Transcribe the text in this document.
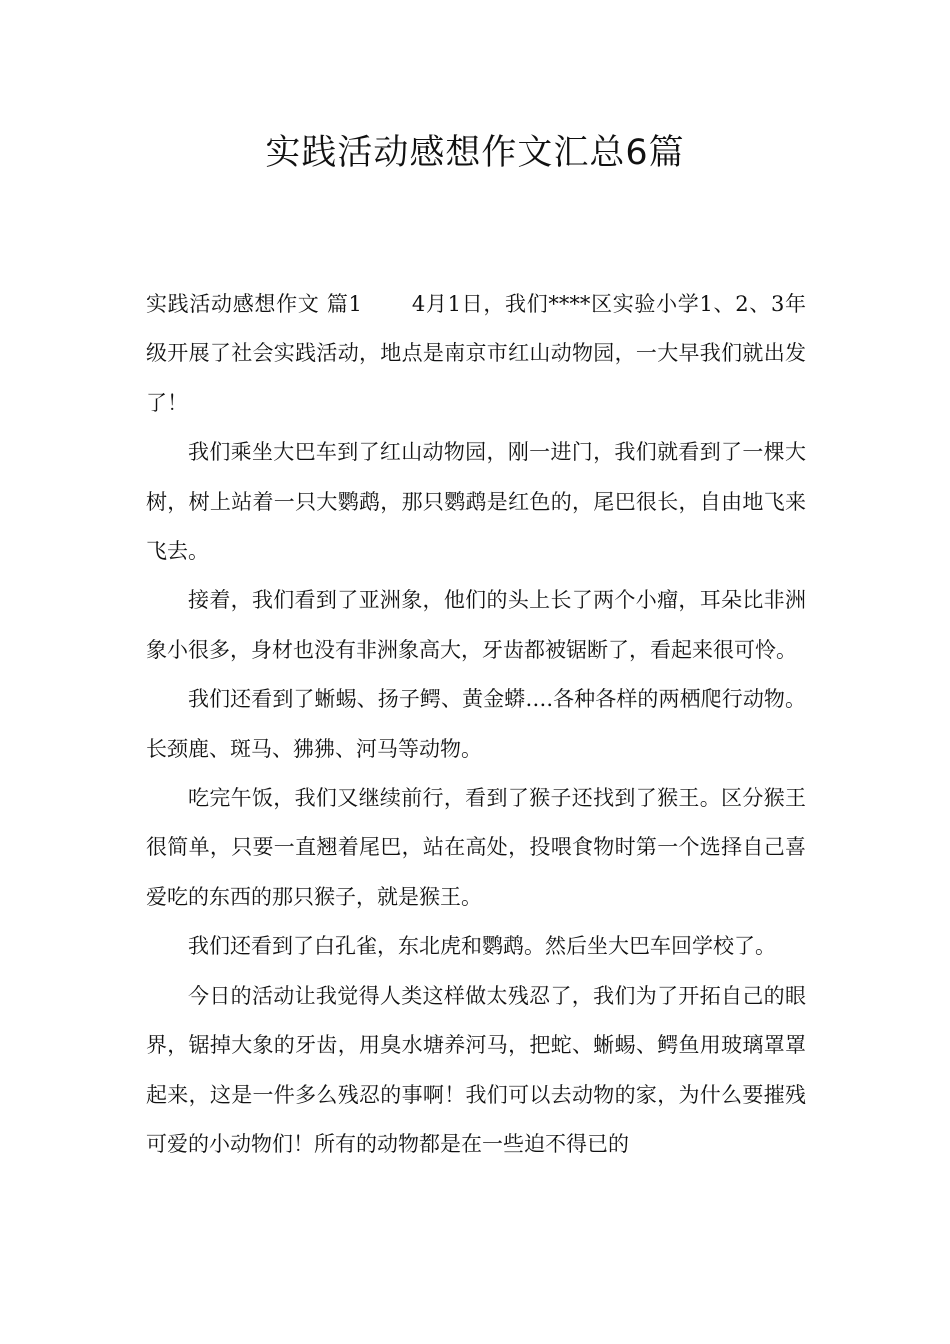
实践活动感想作文汇总6篇

实践活动感想作文 篇1 4月1日，我们****区实验小学1、2、3年级开展了社会实践活动，地点是南京市红山动物园，一大早我们就出发了！

我们乘坐大巴车到了红山动物园，刚一进门，我们就看到了一棵大树，树上站着一只大鹦鹉，那只鹦鹉是红色的，尾巴很长，自由地飞来飞去。

接着，我们看到了亚洲象，他们的头上长了两个小瘤，耳朵比非洲象小很多，身材也没有非洲象高大，牙齿都被锯断了，看起来很可怜。

我们还看到了蜥蜴、扬子鳄、黄金蟒….各种各样的两栖爬行动物。长颈鹿、斑马、狒狒、河马等动物。

吃完午饭，我们又继续前行，看到了猴子还找到了猴王。区分猴王很简单，只要一直翘着尾巴，站在高处，投喂食物时第一个选择自己喜爱吃的东西的那只猴子，就是猴王。

我们还看到了白孔雀，东北虎和鹦鹉。然后坐大巴车回学校了。

今日的活动让我觉得人类这样做太残忍了，我们为了开拓自己的眼界，锯掉大象的牙齿，用臭水塘养河马，把蛇、蜥蜴、鳄鱼用玻璃罩罩起来，这是一件多么残忍的事啊！我们可以去动物的家，为什么要摧残可爱的小动物们！所有的动物都是在一些迫不得已的
